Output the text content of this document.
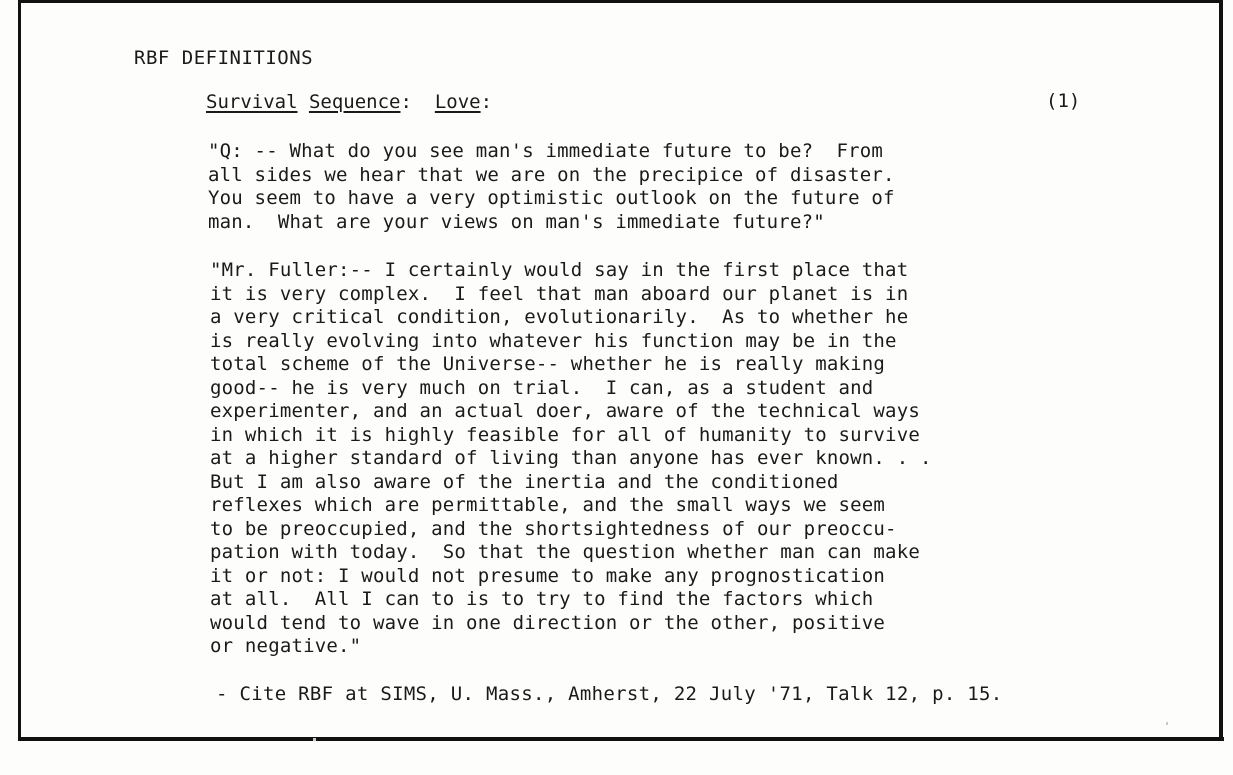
RBF DEFINITIONS
Survival Sequence: Love:	(1)
"Q: -- What do you see man's immediate future to be?  From
all sides we hear that we are on the precipice of disaster.
You seem to have a very optimistic outlook on the future of
man.  What are your views on man's immediate future?"
"Mr. Fuller:-- I certainly would say in the first place that
it is very complex.  I feel that man aboard our planet is in
a very critical condition, evolutionarily.  As to whether he
is really evolving into whatever his function may be in the
total scheme of the Universe-- whether he is really making
good-- he is very much on trial.  I can, as a student and
experimenter, and an actual doer, aware of the technical ways
in which it is highly feasible for all of humanity to survive
at a higher standard of living than anyone has ever known. . .
But I am also aware of the inertia and the conditioned
reflexes which are permittable, and the small ways we seem
to be preoccupied, and the shortsightedness of our preoccu-
pation with today.  So that the question whether man can make
it or not: I would not presume to make any prognostication
at all.  All I can to is to try to find the factors which
would tend to wave in one direction or the other, positive
or negative."
- Cite RBF at SIMS, U. Mass., Amherst, 22 July '71, Talk 12, p. 15.
